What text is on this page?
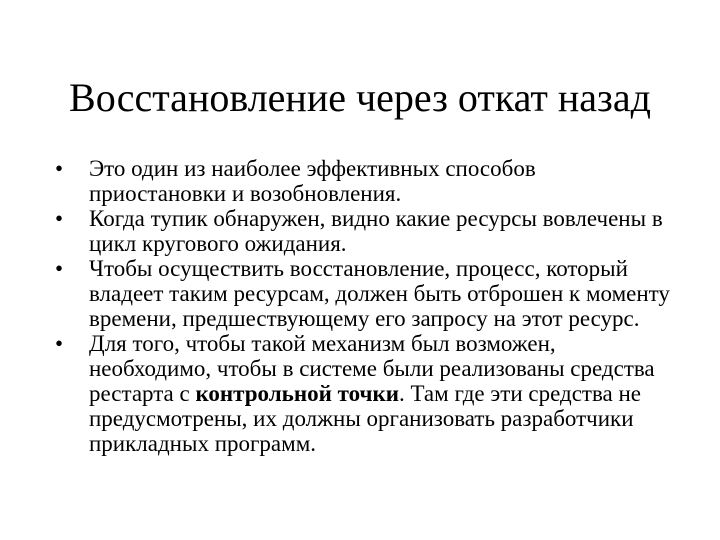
Восстановление через откат назад
•	Это один из наиболее эффективных способов приостановки и возобновления.
•	Когда тупик обнаружен, видно какие ресурсы вовлечены в цикл кругового ожидания.
•	Чтобы осуществить восстановление, процесс, который владеет таким ресурсам, должен быть отброшен к моменту времени, предшествующему его запросу на этот ресурс.
•	Для того, чтобы такой механизм был возможен, необходимо, чтобы в системе были реализованы средства рестарта с контрольной точки. Там где эти средства не предусмотрены, их должны организовать разработчики прикладных программ.
